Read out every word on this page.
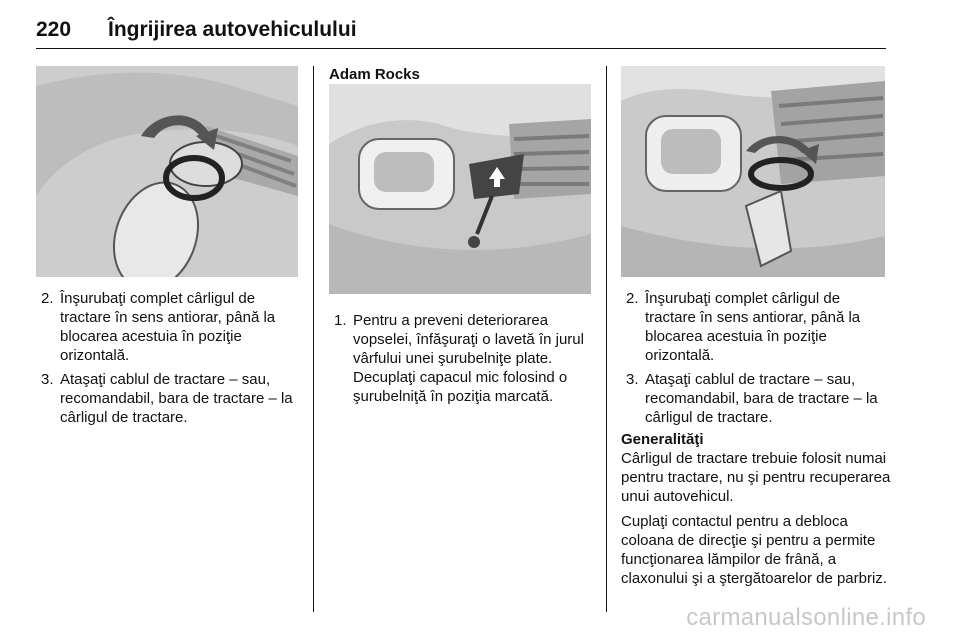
220 Îngrijirea autovehiculului
2. Înşurubaţi complet cârligul de tractare în sens antiorar, până la blocarea acestuia în poziţie orizontală.
3. Ataşaţi cablul de tractare – sau, recomandabil, bara de tractare – la cârligul de tractare.
Adam Rocks
1. Pentru a preveni deteriorarea vopselei, înfăşuraţi o lavetă în jurul vârfului unei şurubelniţe plate. Decuplaţi capacul mic folosind o şurubelniţă în poziţia marcată.
2. Înşurubaţi complet cârligul de tractare în sens antiorar, până la blocarea acestuia în poziţie orizontală.
3. Ataşaţi cablul de tractare – sau, recomandabil, bara de tractare – la cârligul de tractare.
Generalităţi

Cârligul de tractare trebuie folosit numai pentru tractare, nu şi pentru recuperarea unui autovehicul.

Cuplaţi contactul pentru a debloca coloana de direcţie şi pentru a permite funcţionarea lămpilor de frână, a claxonului şi a ştergătoarelor de parbriz.

carmanualsonline.info
